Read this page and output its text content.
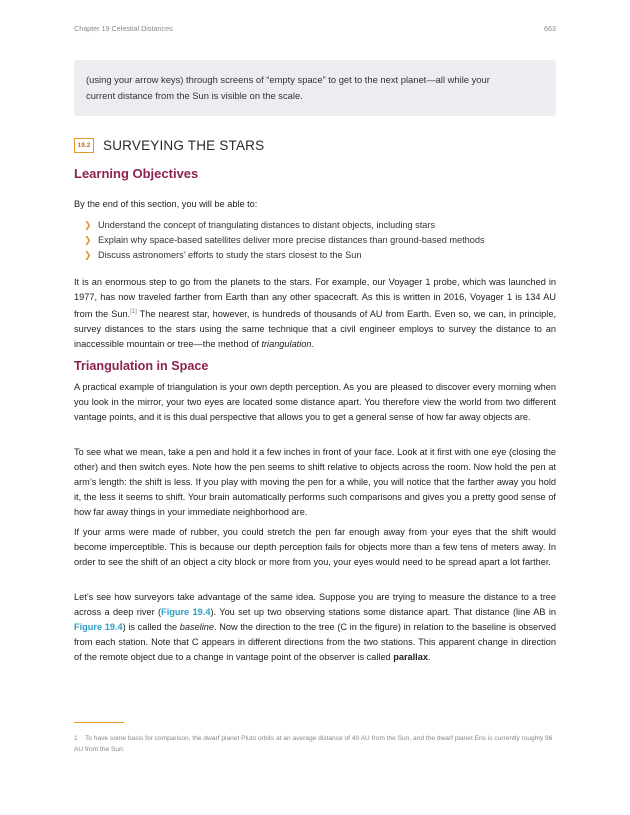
Chapter 19 Celestial Distances	663
(using your arrow keys) through screens of “empty space” to get to the next planet—all while your
current distance from the Sun is visible on the scale.
19.2 SURVEYING THE STARS
Learning Objectives
By the end of this section, you will be able to:
❯ Understand the concept of triangulating distances to distant objects, including stars
❯ Explain why space-based satellites deliver more precise distances than ground-based methods
❯ Discuss astronomers’ efforts to study the stars closest to the Sun

It is an enormous step to go from the planets to the stars. For example, our Voyager 1 probe, which was launched in 1977, has now traveled farther from Earth than any other spacecraft. As this is written in 2016, Voyager 1 is 134 AU from the Sun.[1] The nearest star, however, is hundreds of thousands of AU from Earth. Even so, we can, in principle, survey distances to the stars using the same technique that a civil engineer employs to survey the distance to an inaccessible mountain or tree—the method of triangulation.

Triangulation in Space

A practical example of triangulation is your own depth perception. As you are pleased to discover every morning when you look in the mirror, your two eyes are located some distance apart. You therefore view the world from two different vantage points, and it is this dual perspective that allows you to get a general sense of how far away objects are.

To see what we mean, take a pen and hold it a few inches in front of your face. Look at it first with one eye (closing the other) and then switch eyes. Note how the pen seems to shift relative to objects across the room. Now hold the pen at arm’s length: the shift is less. If you play with moving the pen for a while, you will notice that the farther away you hold it, the less it seems to shift. Your brain automatically performs such comparisons and gives you a pretty good sense of how far away things in your immediate neighborhood are.

If your arms were made of rubber, you could stretch the pen far enough away from your eyes that the shift would become imperceptible. This is because our depth perception fails for objects more than a few tens of meters away. In order to see the shift of an object a city block or more from you, your eyes would need to be spread apart a lot farther.

Let’s see how surveyors take advantage of the same idea. Suppose you are trying to measure the distance to a tree across a deep river (Figure 19.4). You set up two observing stations some distance apart. That distance (line AB in Figure 19.4) is called the baseline. Now the direction to the tree (C in the figure) in relation to the baseline is observed from each station. Note that C appears in different directions from the two stations. This apparent change in direction of the remote object due to a change in vantage point of the observer is called parallax.

1 To have some basis for comparison, the dwarf planet Pluto orbits at an average distance of 40 AU from the Sun, and the dwarf planet Eris is currently roughly 96 AU from the Sun.
